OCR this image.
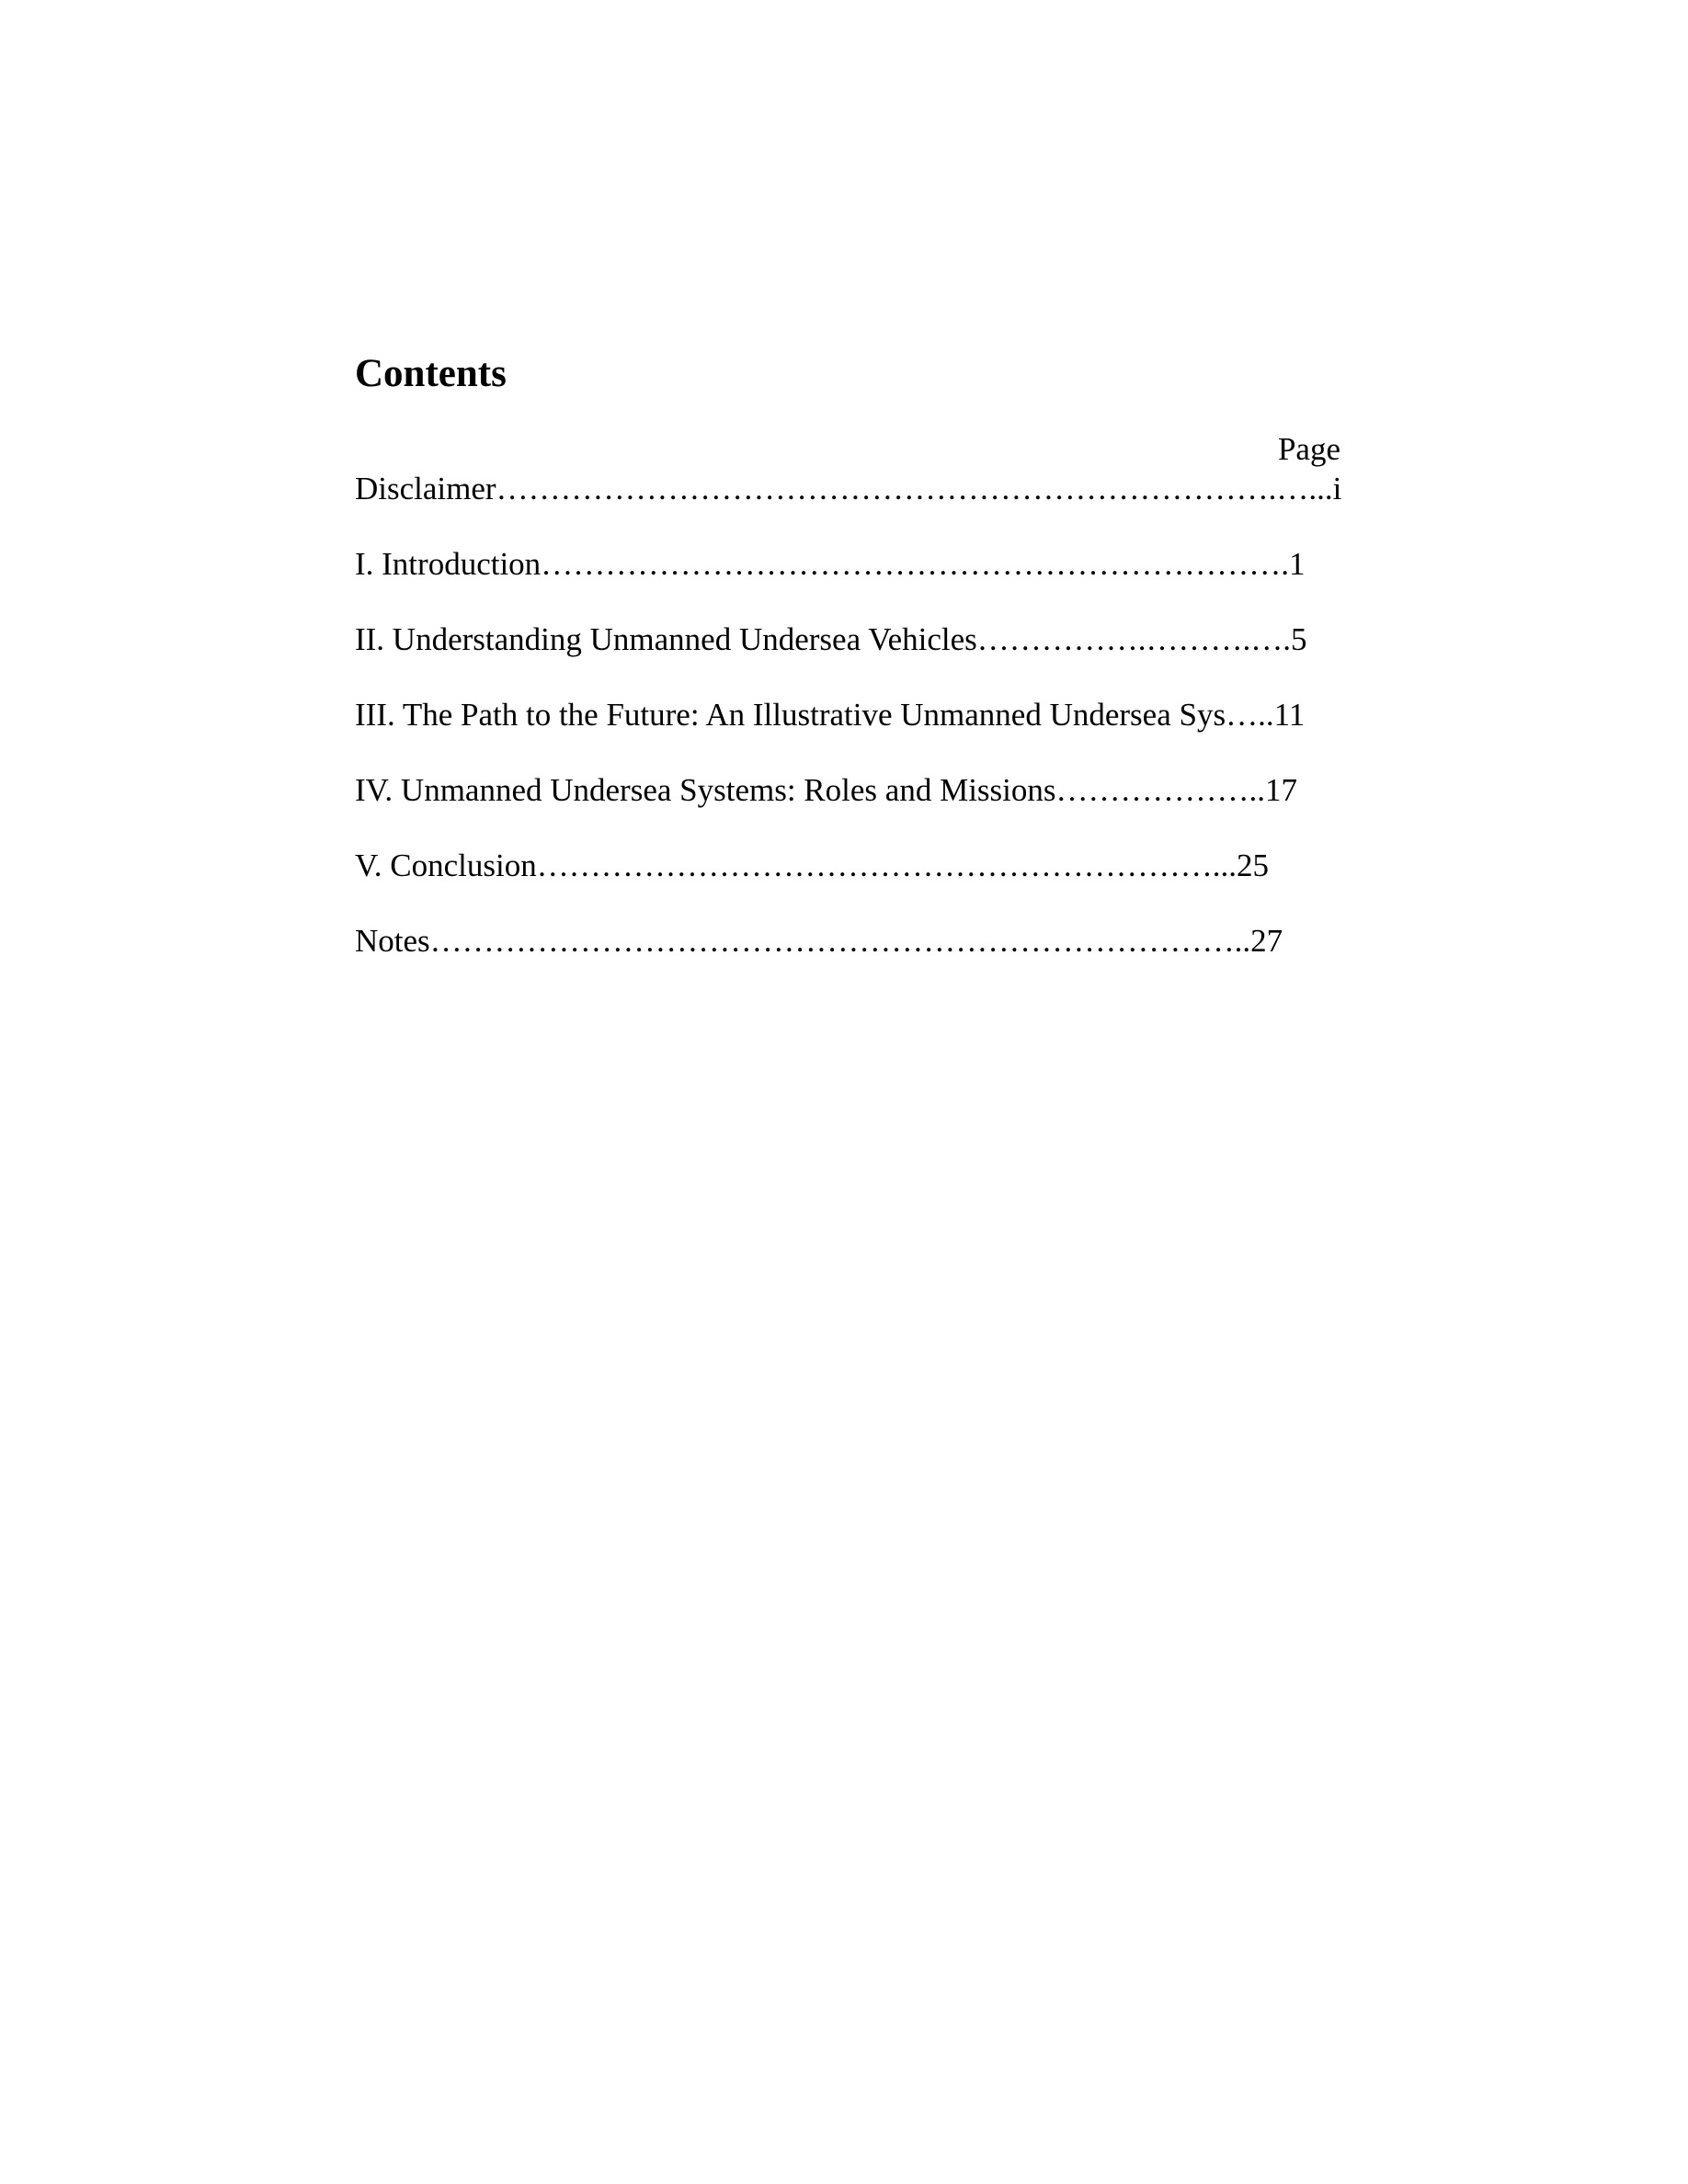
Contents
Page
Disclaimer……………………………………………………………….…...i
I. Introduction…………………………………………………………….1
II. Understanding Unmanned Undersea Vehicles…………….……….….5
III. The Path to the Future: An Illustrative Unmanned Undersea Sys…..11
IV. Unmanned Undersea Systems: Roles and Missions………………..17
V. Conclusion………………………………………………………...25
Notes…………………………………………………………………..27
